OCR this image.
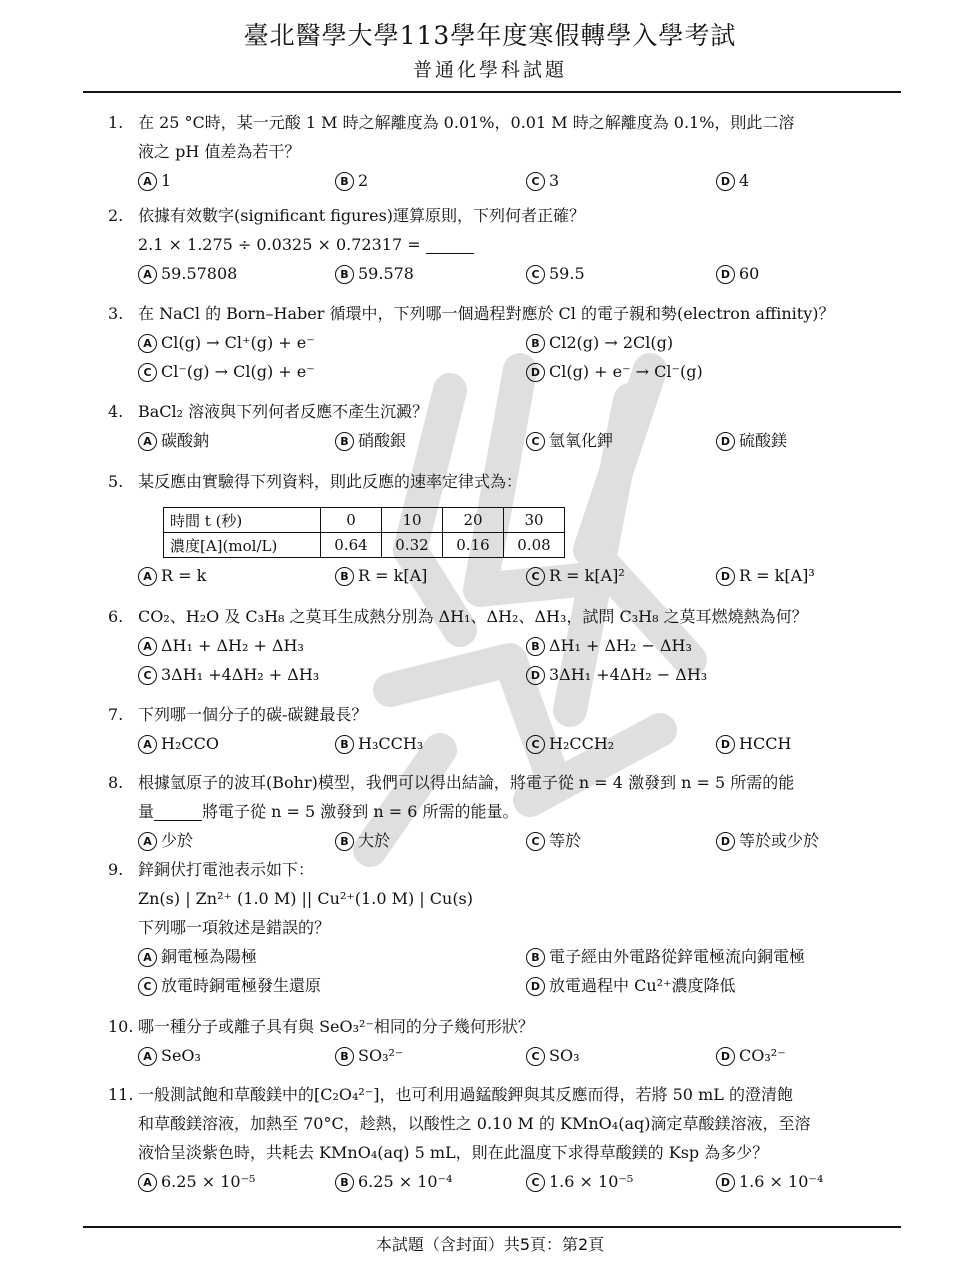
臺北醫學大學113學年度寒假轉學入學考試
普通化學科試題
1. 在 25 °C時，某一元酸 1 M 時之解離度為 0.01%，0.01 M 時之解離度為 0.1%，則此二溶
液之 pH 值差為若干？
A 1	B 2	C 3	D 4
2. 依據有效數字(significant figures)運算原則，下列何者正確？
2.1 × 1.275 ÷ 0.0325 × 0.72317 =
A 59.57808	B 59.578	C 59.5	D 60
3. 在 NaCl 的 Born–Haber 循環中，下列哪一個過程對應於 Cl 的電子親和勢(electron affinity)？
A Cl(g) → Cl⁺(g) + e⁻	B Cl2(g) → 2Cl(g)
C Cl⁻(g) → Cl(g) + e⁻	D Cl(g) + e⁻ → Cl⁻(g)
4. BaCl₂ 溶液與下列何者反應不產生沉澱？
A 碳酸鈉	B 硝酸銀	C 氫氧化鉀	D 硫酸鎂
5. 某反應由實驗得下列資料，則此反應的速率定律式為：
時間 t (秒)	0	10	20	30
濃度[A](mol/L)	0.64	0.32	0.16	0.08
A R = k	B R = k[A]	C R = k[A]²	D R = k[A]³
6. CO₂、H₂O 及 C₃H₈ 之莫耳生成熱分別為 ΔH₁、ΔH₂、ΔH₃，試問 C₃H₈ 之莫耳燃燒熱為何？
A ΔH₁ + ΔH₂ + ΔH₃	B ΔH₁ + ΔH₂ − ΔH₃
C 3ΔH₁ +4ΔH₂ + ΔH₃	D 3ΔH₁ +4ΔH₂ − ΔH₃
7. 下列哪一個分子的碳-碳鍵最長？
A H₂CCO	B H₃CCH₃	C H₂CCH₂	D HCCH
8. 根據氫原子的波耳(Bohr)模型，我們可以得出結論，將電子從 n = 4 激發到 n = 5 所需的能
量	將電子從 n = 5 激發到 n = 6 所需的能量。
A 少於	B 大於	C 等於	D 等於或少於
9. 鋅銅伏打電池表示如下：
Zn(s) | Zn²⁺ (1.0 M) || Cu²⁺(1.0 M) | Cu(s)
下列哪一項敘述是錯誤的？
A 銅電極為陽極	B 電子經由外電路從鋅電極流向銅電極
C 放電時銅電極發生還原	D 放電過程中 Cu²⁺濃度降低
10. 哪一種分子或離子具有與 SeO₃²⁻相同的分子幾何形狀？
A SeO₃	B SO₃²⁻	C SO₃	D CO₃²⁻
11. 一般測試飽和草酸鎂中的[C₂O₄²⁻]，也可利用過錳酸鉀與其反應而得，若將 50 mL 的澄清飽
和草酸鎂溶液，加熱至 70°C，趁熱，以酸性之 0.10 M 的 KMnO₄(aq)滴定草酸鎂溶液，至溶
液恰呈淡紫色時，共耗去 KMnO₄(aq) 5 mL，則在此溫度下求得草酸鎂的 Ksp 為多少？
A 6.25 × 10⁻⁵	B 6.25 × 10⁻⁴	C 1.6 × 10⁻⁵	D 1.6 × 10⁻⁴
本試題（含封面）共5頁：第2頁
